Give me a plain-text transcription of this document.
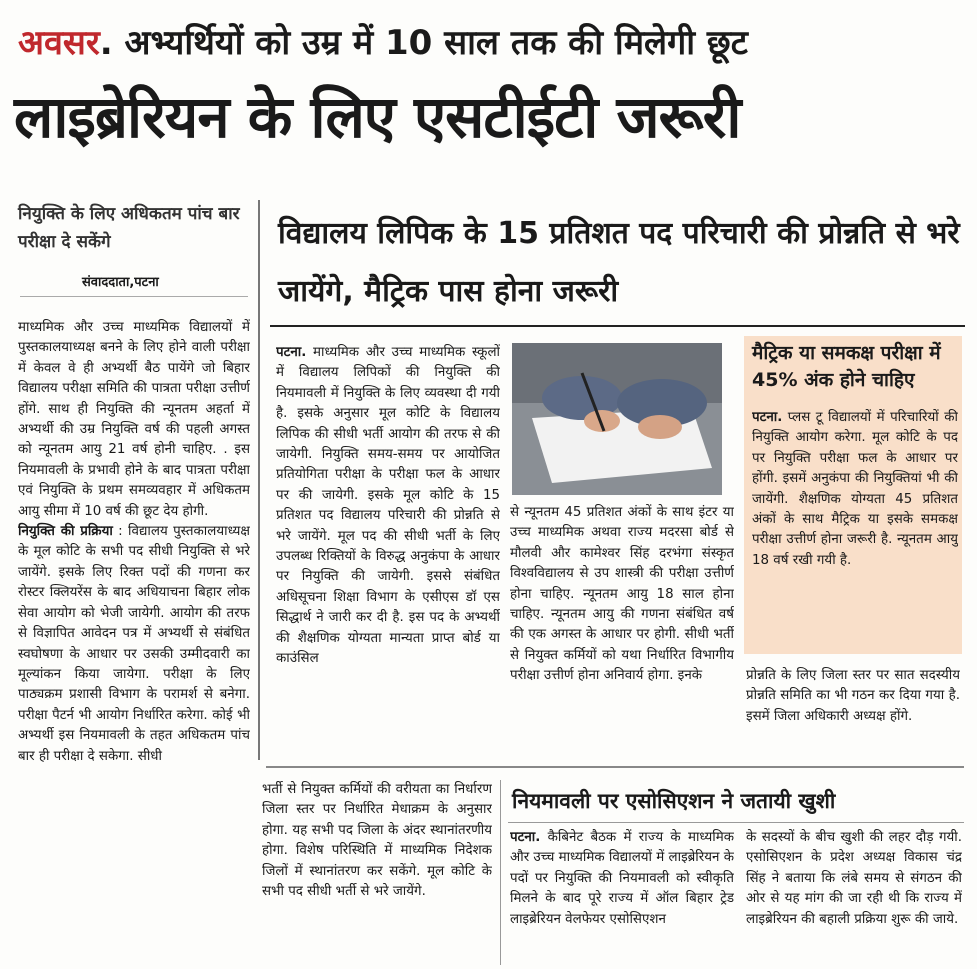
अवसर. अभ्यर्थियों को उम्र में 10 साल तक की मिलेगी छूट
लाइब्रेरियन के लिए एसटीईटी जरूरी
नियुक्ति के लिए अधिकतम पांच बार परीक्षा दे सकेंगे
संवाददाता,पटना

माध्यमिक और उच्च माध्यमिक विद्यालयों में पुस्तकालयाध्यक्ष बनने के लिए होने वाली परीक्षा में केवल वे ही अभ्यर्थी बैठ पायेंगे जो बिहार विद्यालय परीक्षा समिति की पात्रता परीक्षा उत्तीर्ण होंगे. साथ ही नियुक्ति की न्यूनतम अहर्ता में अभ्यर्थी की उम्र नियुक्ति वर्ष की पहली अगस्त को न्यूनतम आयु 21 वर्ष होनी चाहिए. . इस नियमावली के प्रभावी होने के बाद पात्रता परीक्षा एवं नियुक्ति के प्रथम समव्यवहार में अधिकतम आयु सीमा में 10 वर्ष की छूट देय होगी.

नियुक्ति की प्रक्रिया : विद्यालय पुस्तकालयाध्यक्ष के मूल कोटि के सभी पद सीधी नियुक्ति से भरे जायेंगे. इसके लिए रिक्त पदों की गणना कर रोस्टर क्लियरेंस के बाद अधियाचना बिहार लोक सेवा आयोग को भेजी जायेगी. आयोग की तरफ से विज्ञापित आवेदन पत्र में अभ्यर्थी से संबंधित स्वघोषणा के आधार पर उसकी उम्मीदवारी का मूल्यांकन किया जायेगा. परीक्षा के लिए पाठ्यक्रम प्रशासी विभाग के परामर्श से बनेगा. परीक्षा पैटर्न भी आयोग निर्धारित करेगा. कोई भी अभ्यर्थी इस नियमावली के तहत अधिकतम पांच बार ही परीक्षा दे सकेगा. सीधी

विद्यालय लिपिक के 15 प्रतिशत पद परिचारी की प्रोन्नति से भरे जायेंगे, मैट्रिक पास होना जरूरी

पटना. माध्यमिक और उच्च माध्यमिक स्कूलों में विद्यालय लिपिकों की नियुक्ति की नियमावली में नियुक्ति के लिए व्यवस्था दी गयी है. इसके अनुसार मूल कोटि के विद्यालय लिपिक की सीधी भर्ती आयोग की तरफ से की जायेगी. नियुक्ति समय-समय पर आयोजित प्रतियोगिता परीक्षा के परीक्षा फल के आधार पर की जायेगी. इसके मूल कोटि के 15 प्रतिशत पद विद्यालय परिचारी की प्रोन्नति से भरे जायेंगे. मूल पद की सीधी भर्ती के लिए उपलब्ध रिक्तियों के विरुद्ध अनुकंपा के आधार पर नियुक्ति की जायेगी. इससे संबंधित अधिसूचना शिक्षा विभाग के एसीएस डॉ एस सिद्धार्थ ने जारी कर दी है. इस पद के अभ्यर्थी की शैक्षणिक योग्यता मान्यता प्राप्त बोर्ड या काउंसिल

से न्यूनतम 45 प्रतिशत अंकों के साथ इंटर या उच्च माध्यमिक अथवा राज्य मदरसा बोर्ड से मौलवी और कामेश्वर सिंह दरभंगा संस्कृत विश्वविद्यालय से उप शास्त्री की परीक्षा उत्तीर्ण होना चाहिए. न्यूनतम आयु 18 साल होना चाहिए. न्यूनतम आयु की गणना संबंधित वर्ष की एक अगस्त के आधार पर होगी. सीधी भर्ती से नियुक्त कर्मियों को यथा निर्धारित विभागीय परीक्षा उत्तीर्ण होना अनिवार्य होगा. इनके
मैट्रिक या समकक्ष परीक्षा में 45% अंक होने चाहिए

पटना. प्लस टू विद्यालयों में परिचारियों की नियुक्ति आयोग करेगा. मूल कोटि के पद पर नियुक्ति परीक्षा फल के आधार पर होंगी. इसमें अनुकंपा की नियुक्तियां भी की जायेंगी. शैक्षणिक योग्यता 45 प्रतिशत अंकों के साथ मैट्रिक या इसके समकक्ष परीक्षा उत्तीर्ण होना जरूरी है. न्यूनतम आयु 18 वर्ष रखी गयी है.

प्रोन्नति के लिए जिला स्तर पर सात सदस्यीय प्रोन्नति समिति का भी गठन कर दिया गया है. इसमें जिला अधिकारी अध्यक्ष होंगे.
भर्ती से नियुक्त कर्मियों की वरीयता का निर्धारण जिला स्तर पर निर्धारित मेधाक्रम के अनुसार होगा. यह सभी पद जिला के अंदर स्थानांतरणीय होगा. विशेष परिस्थिति में माध्यमिक निदेशक जिलों में स्थानांतरण कर सकेंगे. मूल कोटि के सभी पद सीधी भर्ती से भरे जायेंगे.
नियमावली पर एसोसिएशन ने जतायी खुशी

पटना. कैबिनेट बैठक में राज्य के माध्यमिक और उच्च माध्यमिक विद्यालयों में लाइब्रेरियन के पदों पर नियुक्ति की नियमावली को स्वीकृति मिलने के बाद पूरे राज्य में ऑल बिहार ट्रेड लाइब्रेरियन वेलफेयर एसोसिएशन

के सदस्यों के बीच खुशी की लहर दौड़ गयी. एसोसिएशन के प्रदेश अध्यक्ष विकास चंद्र सिंह ने बताया कि लंबे समय से संगठन की ओर से यह मांग की जा रही थी कि राज्य में लाइब्रेरियन की बहाली प्रक्रिया शुरू की जाये.
